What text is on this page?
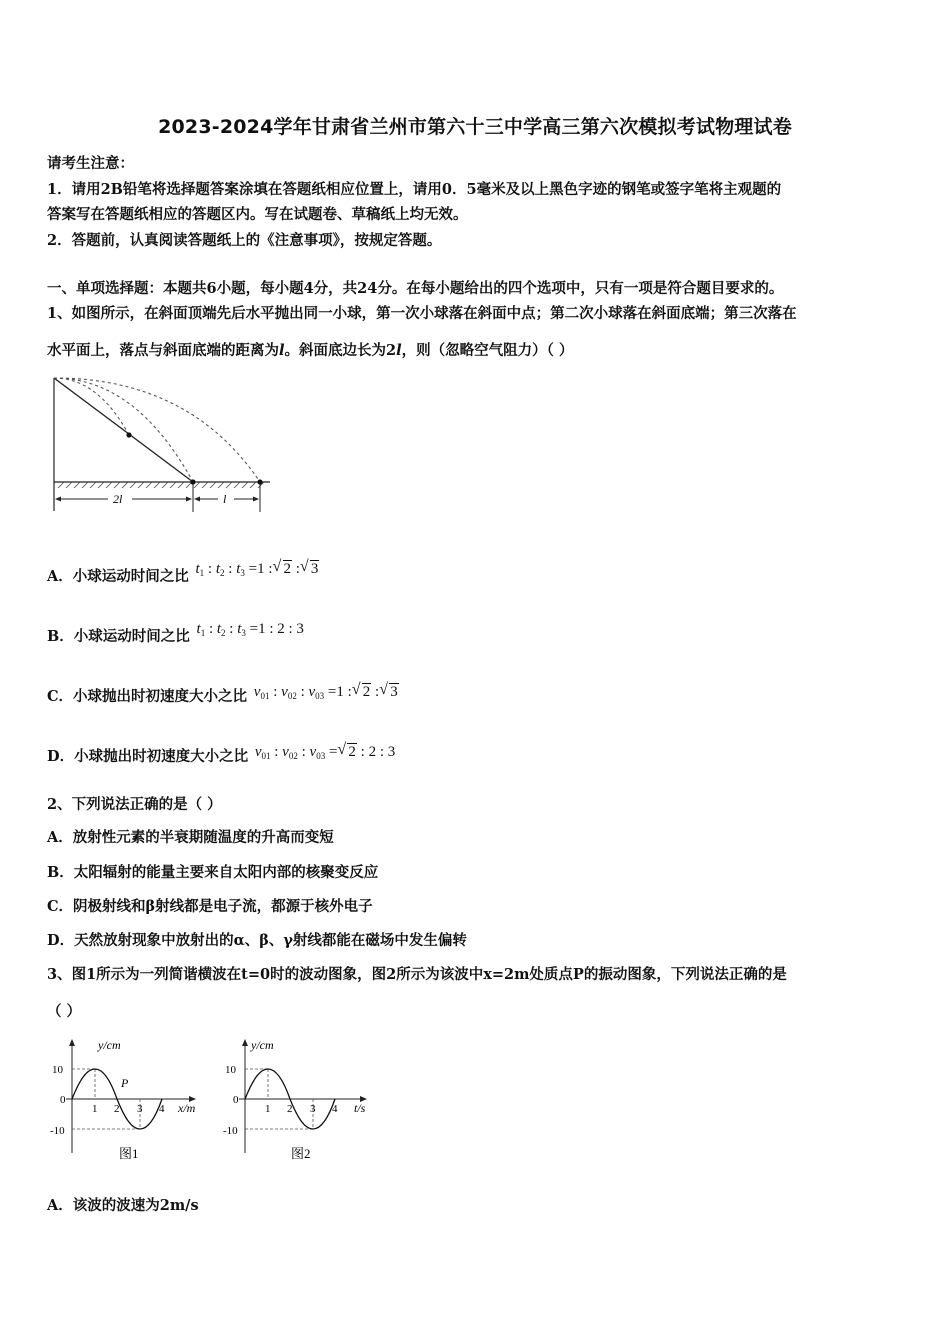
2023-2024学年甘肃省兰州市第六十三中学高三第六次模拟考试物理试卷
请考生注意：
1．请用2B铅笔将选择题答案涂填在答题纸相应位置上，请用0．5毫米及以上黑色字迹的钢笔或签字笔将主观题的
答案写在答题纸相应的答题区内。写在试题卷、草稿纸上均无效。
2．答题前，认真阅读答题纸上的《注意事项》，按规定答题。
一、单项选择题：本题共6小题，每小题4分，共24分。在每小题给出的四个选项中，只有一项是符合题目要求的。
1、如图所示，在斜面顶端先后水平抛出同一小球，第一次小球落在斜面中点；第二次小球落在斜面底端；第三次落在
水平面上，落点与斜面底端的距离为l。斜面底边长为2l，则（忽略空气阻力）（ ）
2l	l
A．小球运动时间之比 $t_1$ : $t_2$ : $t_3 =1$ : √ 2 : √ 3
B．小球运动时间之比 $t_1$ : $t_2$ : $t_3 =1$ : 2 : 3
C．小球抛出时初速度大小之比 $v_{01}$ : $v_{02}$ : $v_{03} =1$ : √ 2 : √ 3
D．小球抛出时初速度大小之比 $v_{01}$ : $v_{02}$ : $v_{03}$ = √ 2 : 2 : 3
2、下列说法正确的是（ ）
A．放射性元素的半衰期随温度的升高而变短
B．太阳辐射的能量主要来自太阳内部的核聚变反应
C．阴极射线和β射线都是电子流，都源于核外电子
D．天然放射现象中放射出的α、β、γ射线都能在磁场中发生偏转
3、图1所示为一列简谐横波在t=0时的波动图象，图2所示为该波中x=2m处质点P的振动图象，下列说法正确的是
（ ）
y/cm
x/m
10
0
-10
1 2 3 4
P
图1
y/cm
t/s
10
0
-10
1 2 3 4
图2
A．该波的波速为2m/s
